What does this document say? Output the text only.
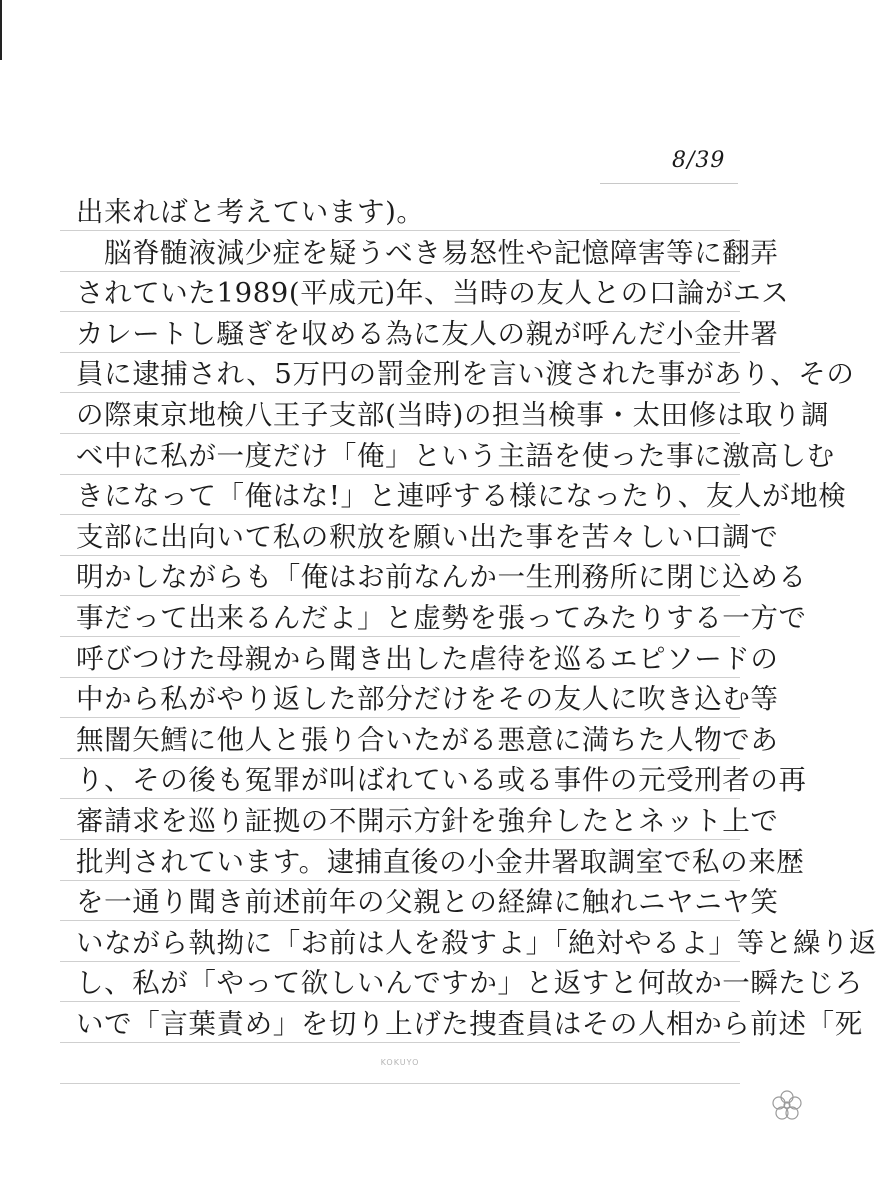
8/39
出来ればと考えています)。
　脳脊髄液減少症を疑うべき易怒性や記憶障害等に翻弄
されていた1989(平成元)年、当時の友人との口論がエス
カレートし騒ぎを収める為に友人の親が呼んだ小金井署
員に逮捕され、5万円の罰金刑を言い渡された事があり、その
の際東京地検八王子支部(当時)の担当検事・太田修は取り調
べ中に私が一度だけ「俺」という主語を使った事に激高しむ
きになって「俺はな!」と連呼する様になったり、友人が地検
支部に出向いて私の釈放を願い出た事を苦々しい口調で
明かしながらも「俺はお前なんか一生刑務所に閉じ込める
事だって出来るんだよ」と虚勢を張ってみたりする一方で
呼びつけた母親から聞き出した虐待を巡るエピソードの
中から私がやり返した部分だけをその友人に吹き込む等
無闇矢鱈に他人と張り合いたがる悪意に満ちた人物であ
り、その後も冤罪が叫ばれている或る事件の元受刑者の再
審請求を巡り証拠の不開示方針を強弁したとネット上で
批判されています。逮捕直後の小金井署取調室で私の来歴
を一通り聞き前述前年の父親との経緯に触れニヤニヤ笑
いながら執拗に「お前は人を殺すよ」「絶対やるよ」等と繰り返
し、私が「やって欲しいんですか」と返すと何故か一瞬たじろ
いで「言葉責め」を切り上げた捜査員はその人相から前述「死
KOKUYO
